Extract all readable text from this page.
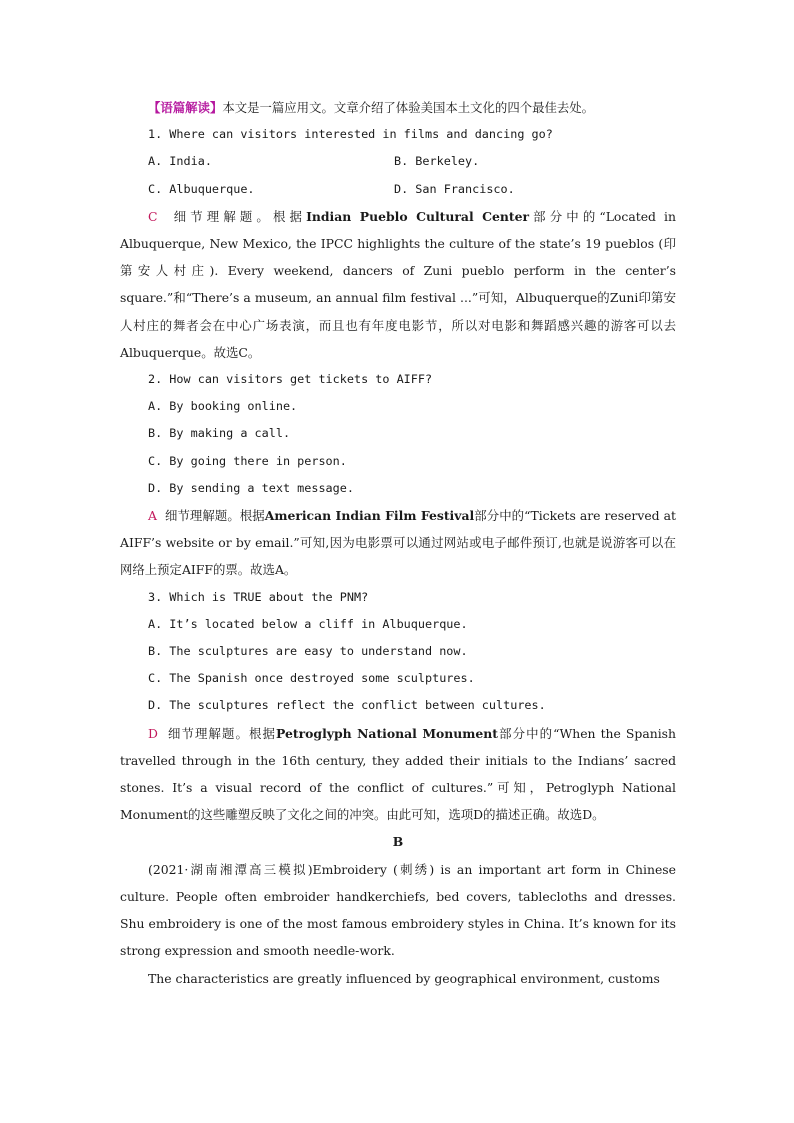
【语篇解读】本文是一篇应用文。文章介绍了体验美国本土文化的四个最佳去处。

1. Where can visitors interested in films and dancing go?

A. India.	B. Berkeley.
C. Albuquerque.	D. San Francisco.

C 细节理解题。根据Indian Pueblo Cultural Center部分中的“Located in Albuquerque, New Mexico, the IPCC highlights the culture of the state’s 19 pueblos (印第安人村庄). Every weekend, dancers of Zuni pueblo perform in the center’s square.”和“There’s a museum, an annual film festival ...”可知，Albuquerque的Zuni印第安人村庄的舞者会在中心广场表演，而且也有年度电影节，所以对电影和舞蹈感兴趣的游客可以去Albuquerque。故选C。

2. How can visitors get tickets to AIFF?

A. By booking online.

B. By making a call.

C. By going there in person.

D. By sending a text message.

A 细节理解题。根据American Indian Film Festival部分中的“Tickets are reserved at AIFF’s website or by email.”可知,因为电影票可以通过网站或电子邮件预订,也就是说游客可以在网络上预定AIFF的票。故选A。

3. Which is TRUE about the PNM?

A. It’s located below a cliff in Albuquerque.

B. The sculptures are easy to understand now.

C. The Spanish once destroyed some sculptures.

D. The sculptures reflect the conflict between cultures.

D 细节理解题。根据Petroglyph National Monument部分中的“When the Spanish travelled through in the 16th century, they added their initials to the Indians’ sacred stones. It’s a visual record of the conflict of cultures.”可知，Petroglyph National Monument的这些雕塑反映了文化之间的冲突。由此可知，选项D的描述正确。故选D。

B

(2021·湖南湘潭高三模拟)Embroidery (刺绣) is an important art form in Chinese culture. People often embroider handkerchiefs, bed covers, tablecloths and dresses. Shu embroidery is one of the most famous embroidery styles in China. It’s known for its strong expression and smooth needle-work.

The characteristics are greatly influenced by geographical environment, customs
